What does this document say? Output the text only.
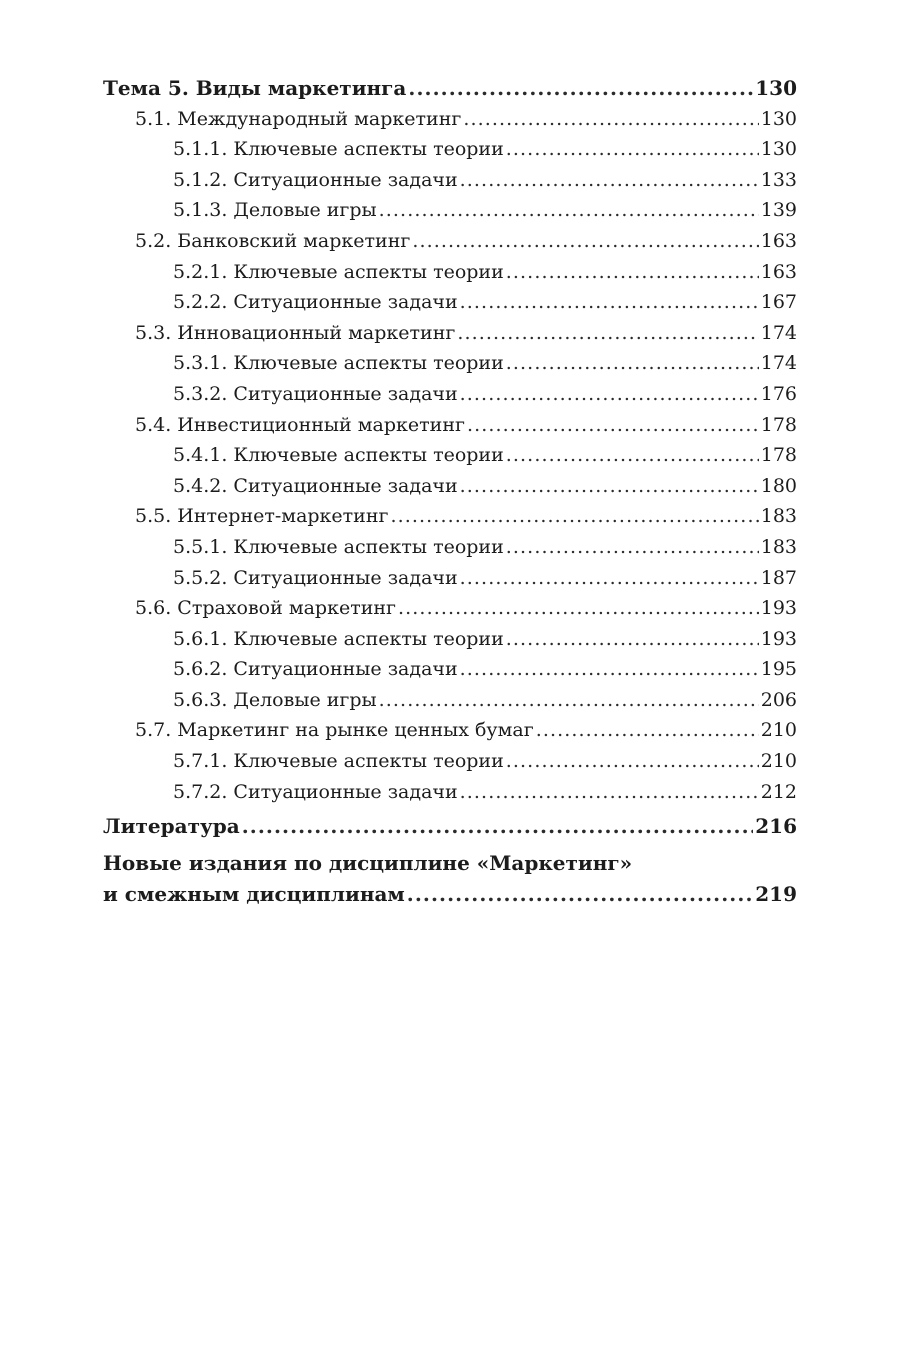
Тема 5. Виды маркетинга .....	130
5.1. Международный маркетинг .....	130
5.1.1. Ключевые аспекты теории .....	130
5.1.2. Ситуационные задачи .....	133
5.1.3. Деловые игры .....	139
5.2. Банковский маркетинг .....	163
5.2.1. Ключевые аспекты теории .....	163
5.2.2. Ситуационные задачи .....	167
5.3. Инновационный маркетинг .....	174
5.3.1. Ключевые аспекты теории .....	174
5.3.2. Ситуационные задачи .....	176
5.4. Инвестиционный маркетинг .....	178
5.4.1. Ключевые аспекты теории .....	178
5.4.2. Ситуационные задачи .....	180
5.5. Интернет-маркетинг .....	183
5.5.1. Ключевые аспекты теории .....	183
5.5.2. Ситуационные задачи .....	187
5.6. Страховой маркетинг .....	193
5.6.1. Ключевые аспекты теории .....	193
5.6.2. Ситуационные задачи .....	195
5.6.3. Деловые игры .....	206
5.7. Маркетинг на рынке ценных бумаг .....	210
5.7.1. Ключевые аспекты теории .....	210
5.7.2. Ситуационные задачи .....	212
Литература .....	216
Новые издания по дисциплине «Маркетинг»
и смежным дисциплинам .....	219
